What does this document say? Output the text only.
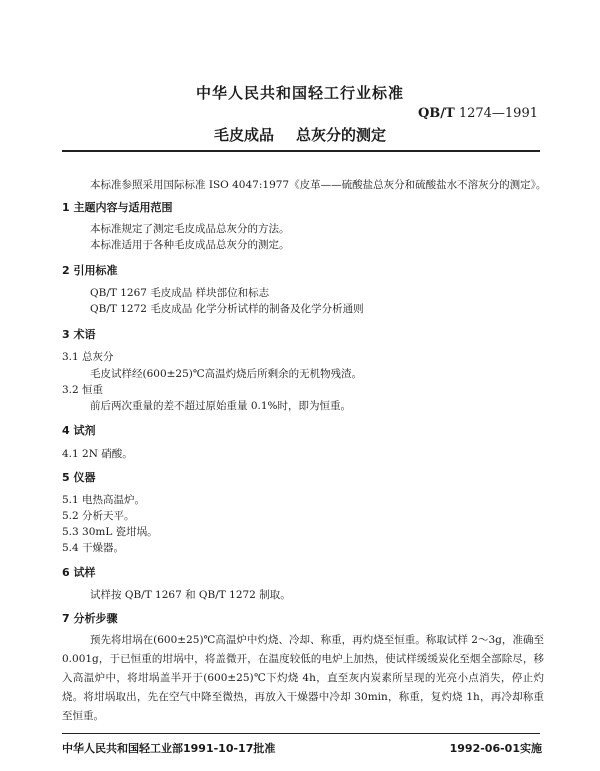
中华人民共和国轻工行业标准
QB/T 1274—1991
毛皮成品 总灰分的测定
本标准参照采用国际标准 ISO 4047:1977《皮革——硫酸盐总灰分和硫酸盐水不溶灰分的测定》。
1 主题内容与适用范围
本标准规定了测定毛皮成品总灰分的方法。
本标准适用于各种毛皮成品总灰分的测定。
2 引用标准
QB/T 1267 毛皮成品 样块部位和标志
QB/T 1272 毛皮成品 化学分析试样的制备及化学分析通则
3 术语
3.1 总灰分
毛皮试样经(600±25)℃高温灼烧后所剩余的无机物残渣。
3.2 恒重
前后两次重量的差不超过原始重量 0.1%时，即为恒重。
4 试剂
4.1 2N 硝酸。
5 仪器
5.1 电热高温炉。
5.2 分析天平。
5.3 30mL 瓷坩埚。
5.4 干燥器。
6 试样
试样按 QB/T 1267 和 QB/T 1272 制取。
7 分析步骤
预先将坩埚在(600±25)℃高温炉中灼烧、冷却、称重，再灼烧至恒重。称取试样 2～3g，准确至0.001g，于已恒重的坩埚中，将盖微开，在温度较低的电炉上加热，使试样缓缓炭化至烟全部除尽，移入高温炉中，将坩埚盖半开于(600±25)℃下灼烧 4h，直至灰内炭素所呈现的光亮小点消失，停止灼烧。将坩埚取出，先在空气中降至微热，再放入干燥器中冷却 30min，称重，复灼烧 1h，再冷却称重至恒重。
中华人民共和国轻工业部1991-10-17批准	1992-06-01实施
